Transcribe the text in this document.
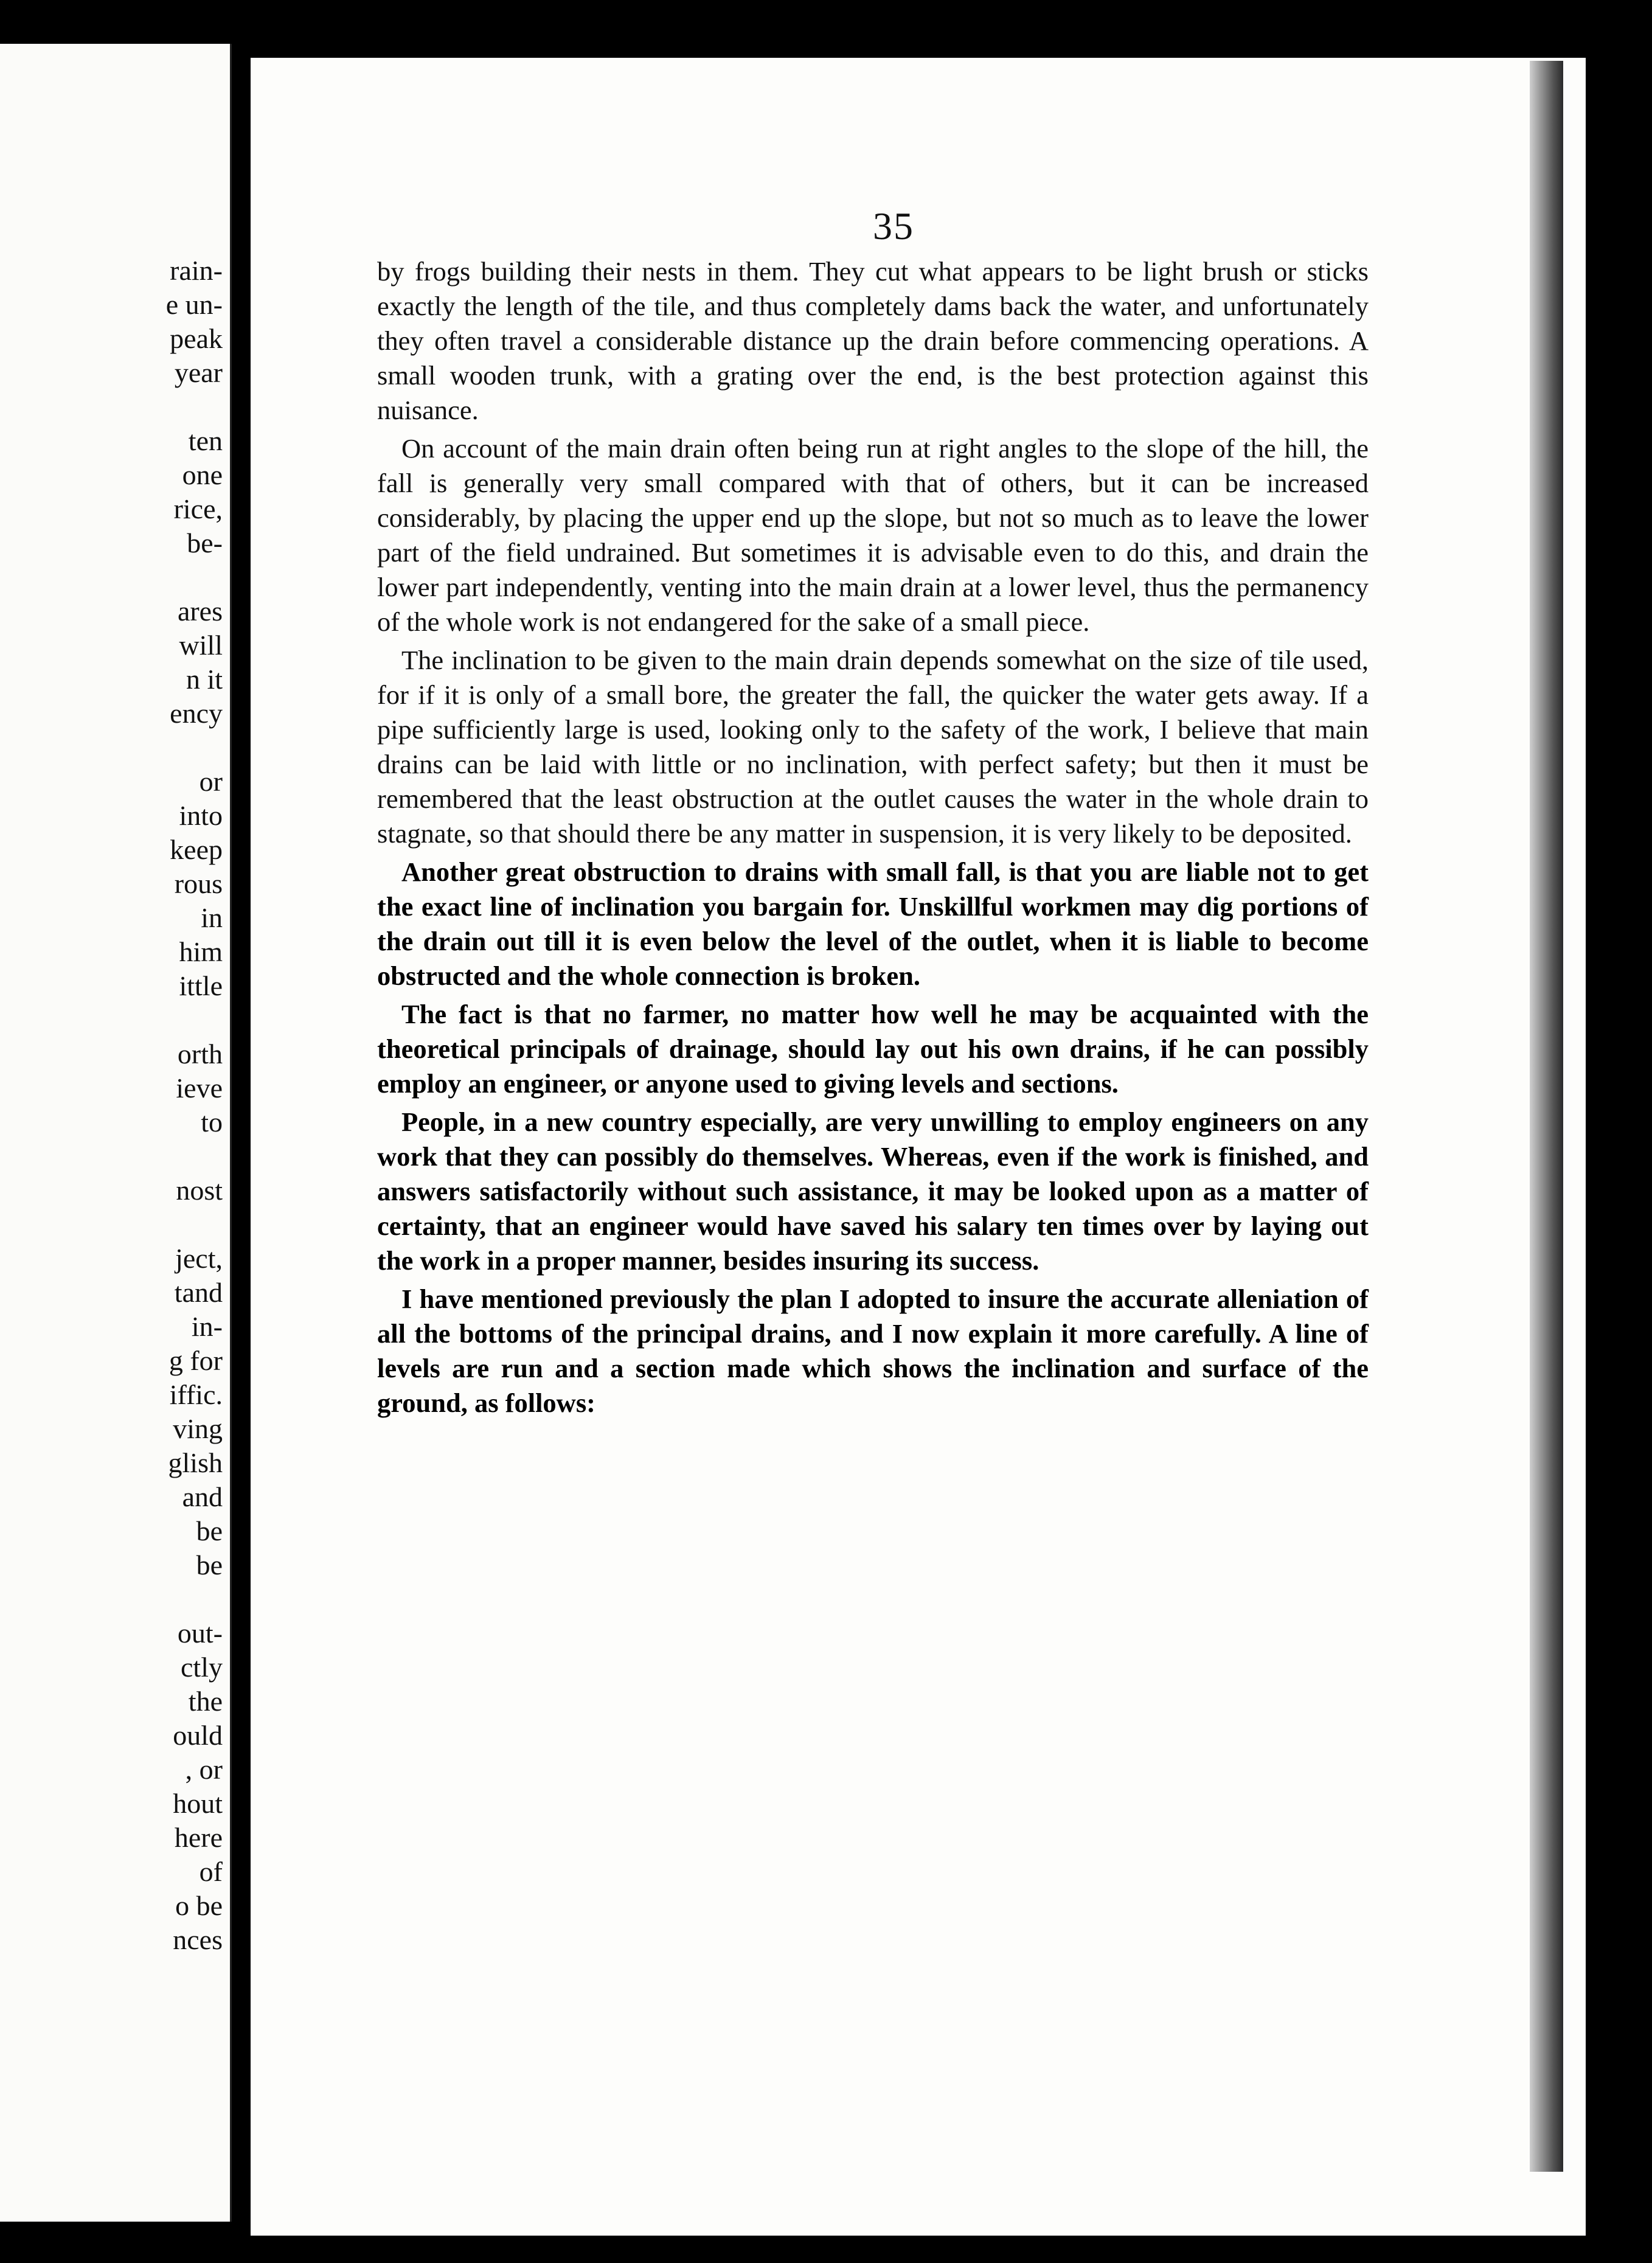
rain-
e un-
peak
year
ten
one
rice,
be-
ares
will
n it
ency
or
into
keep
rous
in
him
ittle
orth
ieve
to
nost
ject,
tand
in-
g for
iffic.
ving
glish
and
be
be
out-
ctly
the
ould
, or
hout
here
of
o be
nces
35

by frogs building their nests in them. They cut what appears to be light brush or sticks exactly the length of the tile, and thus completely dams back the water, and unfortunately they often travel a considerable distance up the drain before commencing operations. A small wooden trunk, with a grating over the end, is the best protection against this nuisance.

On account of the main drain often being run at right angles to the slope of the hill, the fall is generally very small compared with that of others, but it can be increased considerably, by placing the upper end up the slope, but not so much as to leave the lower part of the field undrained. But sometimes it is advisable even to do this, and drain the lower part independently, venting into the main drain at a lower level, thus the permanency of the whole work is not endangered for the sake of a small piece.

The inclination to be given to the main drain depends somewhat on the size of tile used, for if it is only of a small bore, the greater the fall, the quicker the water gets away. If a pipe sufficiently large is used, looking only to the safety of the work, I believe that main drains can be laid with little or no inclination, with perfect safety; but then it must be remembered that the least obstruction at the outlet causes the water in the whole drain to stagnate, so that should there be any matter in suspension, it is very likely to be deposited.

Another great obstruction to drains with small fall, is that you are liable not to get the exact line of inclination you bargain for. Unskillful workmen may dig portions of the drain out till it is even below the level of the outlet, when it is liable to become obstructed and the whole connection is broken.

The fact is that no farmer, no matter how well he may be acquainted with the theoretical principals of drainage, should lay out his own drains, if he can possibly employ an engineer, or anyone used to giving levels and sections.

People, in a new country especially, are very unwilling to employ engineers on any work that they can possibly do themselves. Whereas, even if the work is finished, and answers satisfactorily without such assistance, it may be looked upon as a matter of certainty, that an engineer would have saved his salary ten times over by laying out the work in a proper manner, besides insuring its success.

I have mentioned previously the plan I adopted to insure the accurate alleniation of all the bottoms of the principal drains, and I now explain it more carefully. A line of levels are run and a section made which shows the inclination and surface of the ground, as follows:
